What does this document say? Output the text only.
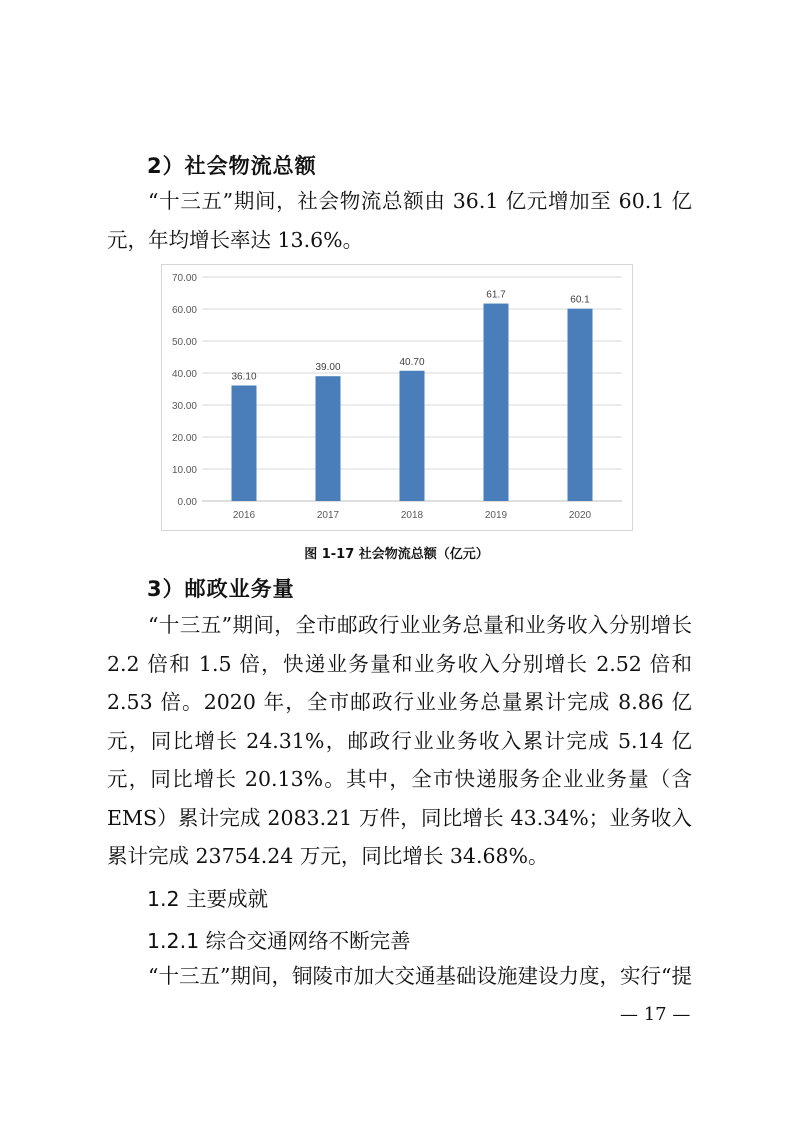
2）社会物流总额
“十三五”期间，社会物流总额由 36.1 亿元增加至 60.1 亿元，年均增长率达 13.6%。
0.00
10.00
20.00
30.00
40.00
50.00
60.00
70.00
36.10
2016
39.00
2017
40.70
2018
61.7
2019
60.1
2020
图 1-17 社会物流总额（亿元）
3）邮政业务量
“十三五”期间，全市邮政行业业务总量和业务收入分别增长 2.2 倍和 1.5 倍，快递业务量和业务收入分别增长 2.52 倍和 2.53 倍。2020 年，全市邮政行业业务总量累计完成 8.86 亿元，同比增长 24.31%，邮政行业业务收入累计完成 5.14 亿元，同比增长 20.13%。其中，全市快递服务企业业务量（含 EMS）累计完成 2083.21 万件，同比增长 43.34%；业务收入累计完成 23754.24 万元，同比增长 34.68%。
1.2 主要成就
1.2.1 综合交通网络不断完善
“十三五”期间，铜陵市加大交通基础设施建设力度，实行“提
— 17 —
